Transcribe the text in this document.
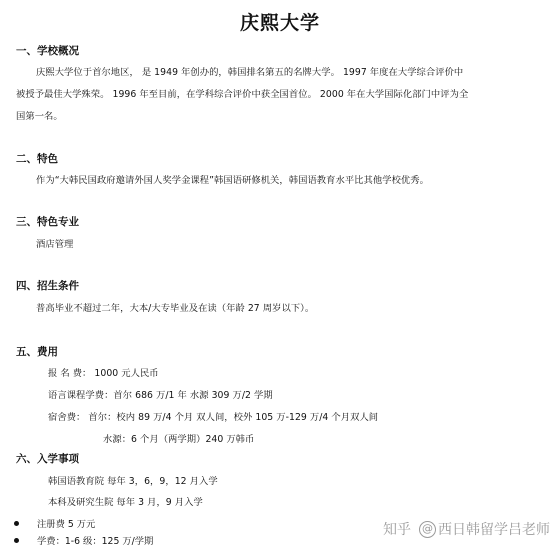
庆熙大学
一、学校概况
庆熙大学位于首尔地区， 是 1949 年创办的，韩国排名第五的名牌大学。 1997 年度在大学综合评价中
被授予最佳大学殊荣。 1996 年至目前，在学科综合评价中获全国首位。 2000 年在大学国际化部门中评为全
国第一名。
二、特色
作为“大韩民国政府邀请外国人奖学金课程”韩国语研修机关，韩国语教育水平比其他学校优秀。
三、特色专业
酒店管理
四、招生条件
普高毕业不超过二年，大本/大专毕业及在读（年龄 27 周岁以下）。
五、费用
报 名 费： 1000 元人民币
语言课程学费：首尔 686 万/1 年 水源 309 万/2 学期
宿舍费： 首尔：校内 89 万/4 个月 双人间，校外 105 万-129 万/4 个月双人间
水源：6 个月（两学期）240 万韩币
六、入学事项
韩国语教育院 每年 3，6，9，12 月入学
本科及研究生院 每年 3 月，9 月入学
注册费 5 万元
学费：1-6 级：125 万/学期
知乎 @ 西日韩留学吕老师
